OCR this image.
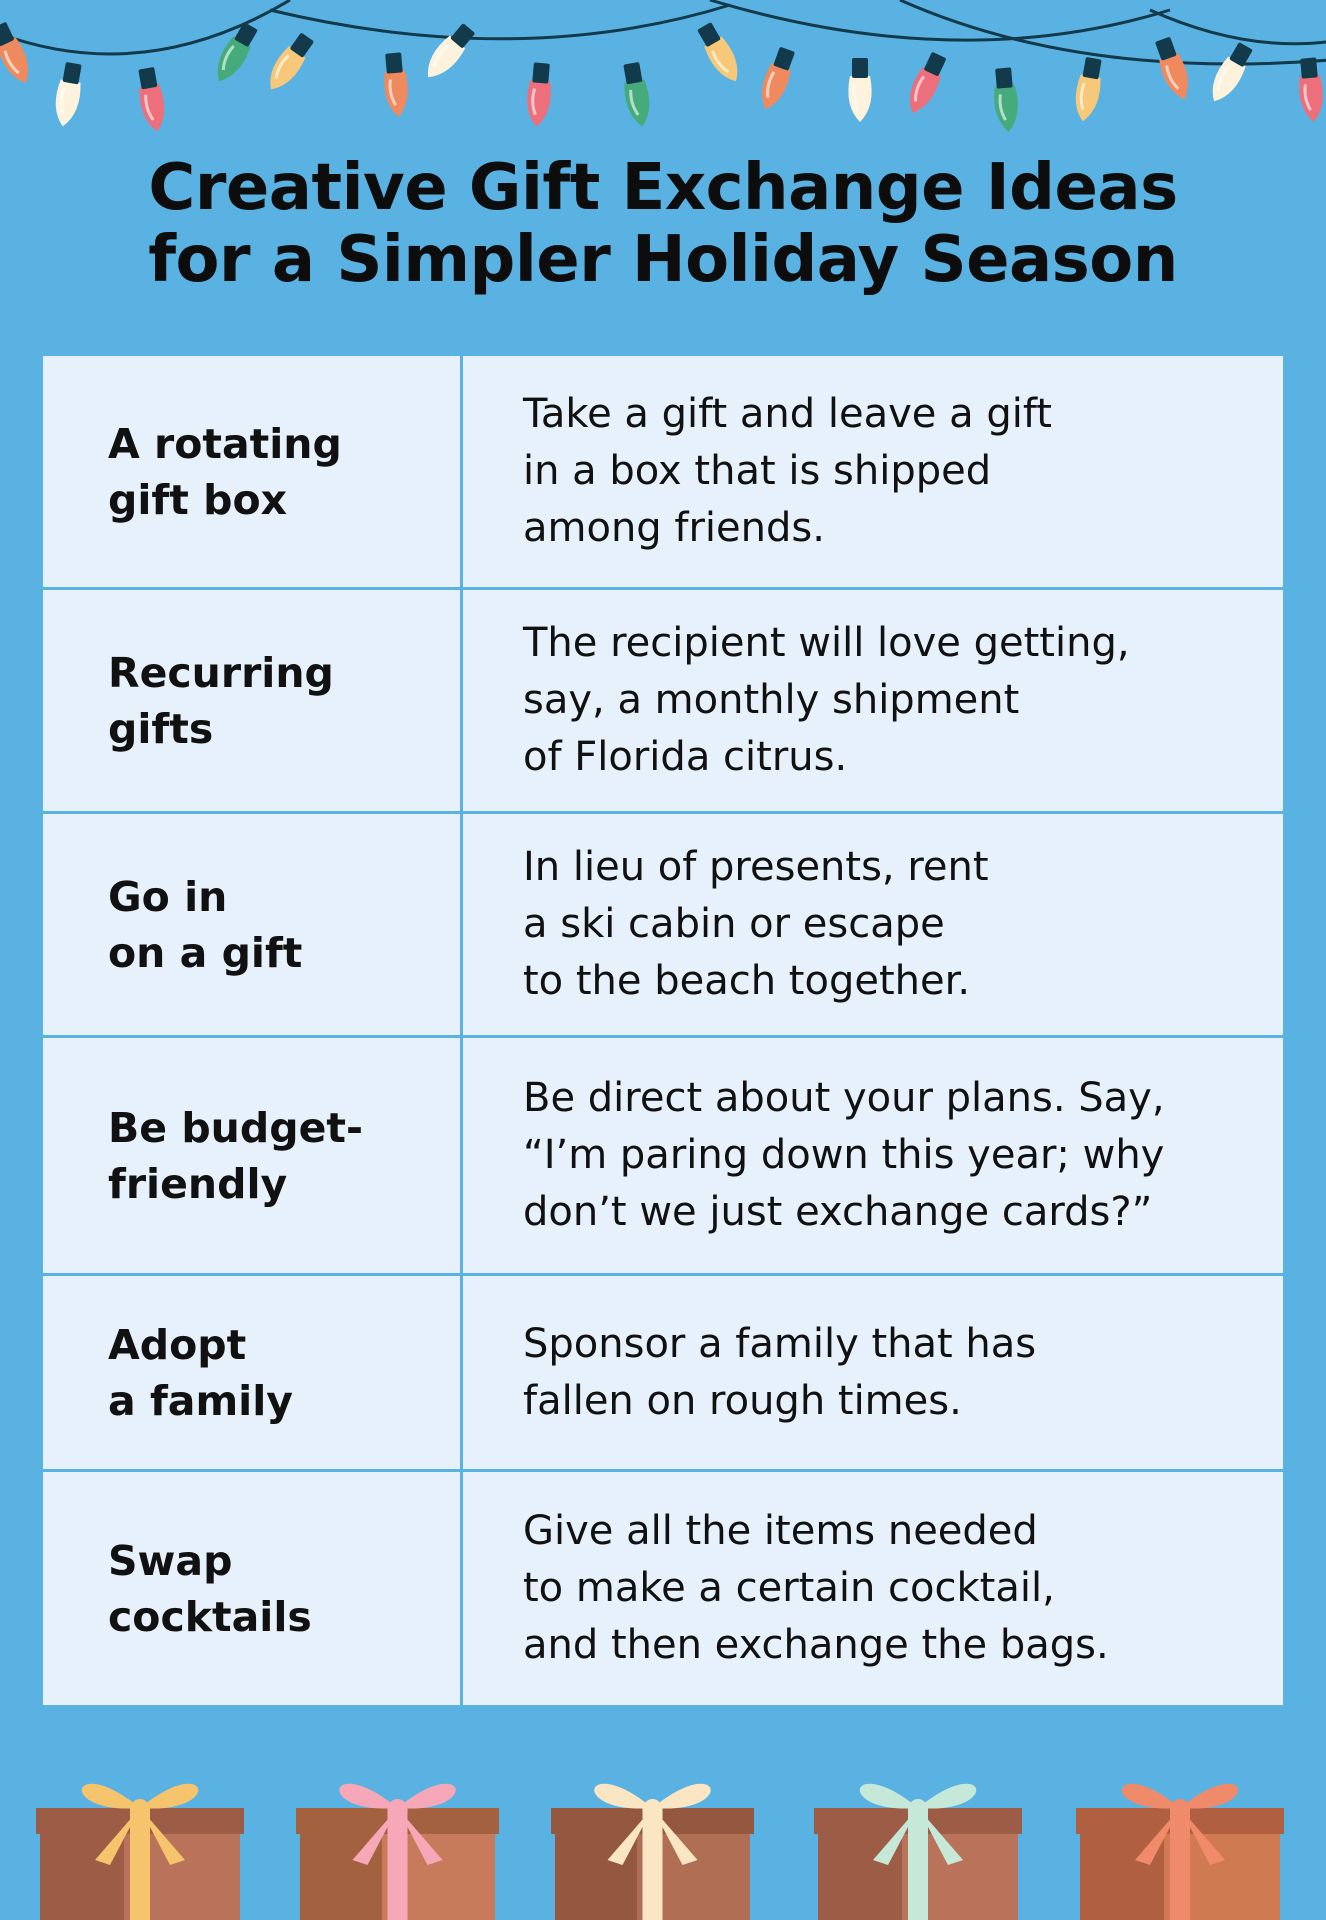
Creative Gift Exchange Ideas
for a Simpler Holiday Season
A rotating
gift box	Take a gift and leave a gift
in a box that is shipped
among friends.

Recurring
gifts	The recipient will love getting,
say, a monthly shipment
of Florida citrus.

Go in
on a gift	In lieu of presents, rent
a ski cabin or escape
to the beach together.

Be budget-
friendly	Be direct about your plans. Say,
“I’m paring down this year; why
don’t we just exchange cards?”

Adopt
a family	Sponsor a family that has
fallen on rough times.

Swap
cocktails	Give all the items needed
to make a certain cocktail,
and then exchange the bags.
